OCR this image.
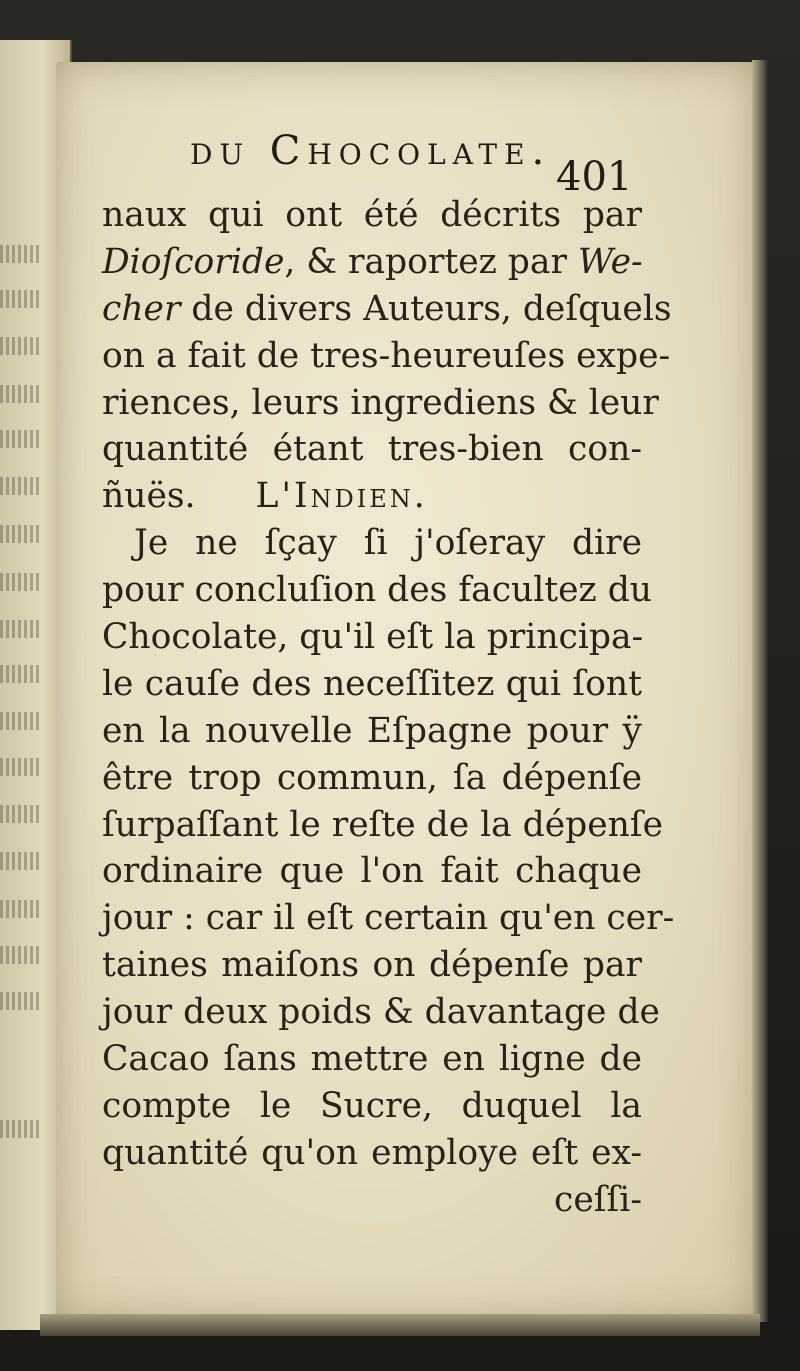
du Chocolate.
401
naux qui ont été décrits par
Dioſcoride, & raportez par We-
cher de divers Auteurs, deſquels
on a fait de tres-heureuſes expe-
riences, leurs ingrediens & leur
quantité étant tres-bien con-
ñuës. L'Indien.
Je ne ſçay ſi j'oſeray dire
pour concluſion des facultez du
Chocolate, qu'il eſt la principa-
le cauſe des neceſſitez qui ſont
en la nouvelle Eſpagne pour ÿ
être trop commun, ſa dépenſe
ſurpaſſant le reſte de la dépenſe
ordinaire que l'on fait chaque
jour : car il eſt certain qu'en cer-
taines maiſons on dépenſe par
jour deux poids & davantage de
Cacao ſans mettre en ligne de
compte le Sucre, duquel la
quantité qu'on employe eſt ex-
ceſſi-
